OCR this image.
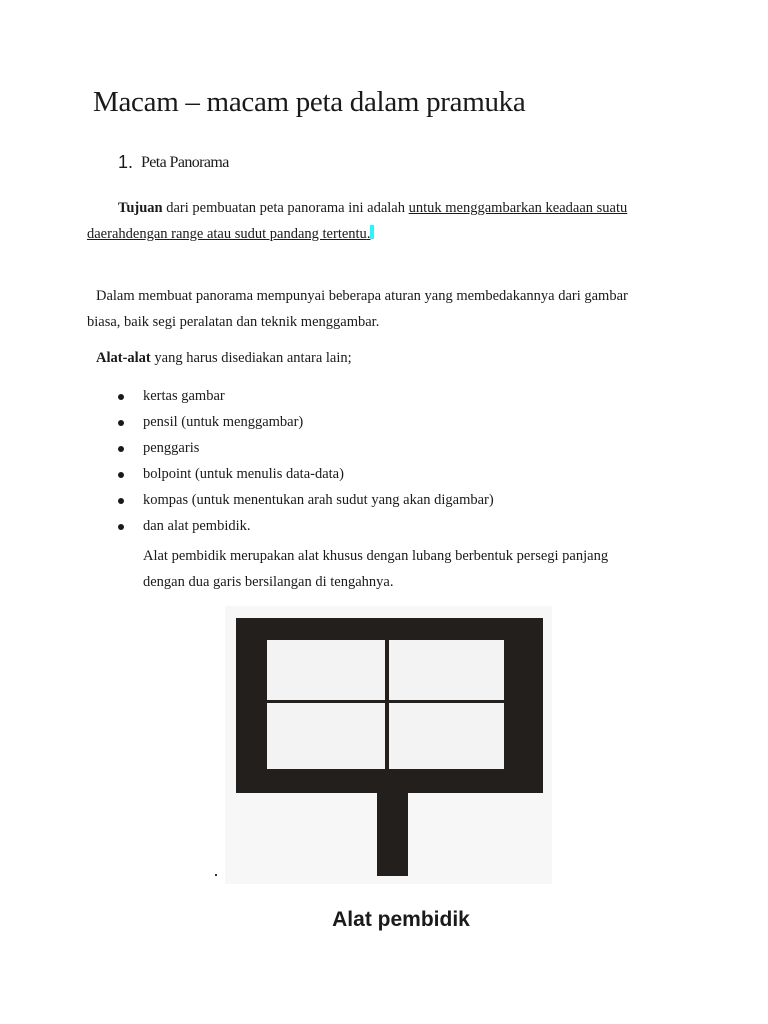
Macam – macam peta dalam pramuka
1. Peta Panorama
Tujuan dari pembuatan peta panorama ini adalah untuk menggambarkan keadaan suatu
daerahdengan range atau sudut pandang tertentu.
Dalam membuat panorama mempunyai beberapa aturan yang membedakannya dari gambar
biasa, baik segi peralatan dan teknik menggambar.
Alat-alat yang harus disediakan antara lain;
kertas gambar
pensil (untuk menggambar)
penggaris
bolpoint (untuk menulis data-data)
kompas (untuk menentukan arah sudut yang akan digambar)
dan alat pembidik.
Alat pembidik merupakan alat khusus dengan lubang berbentuk persegi panjang
dengan dua garis bersilangan di tengahnya.
Alat pembidik
